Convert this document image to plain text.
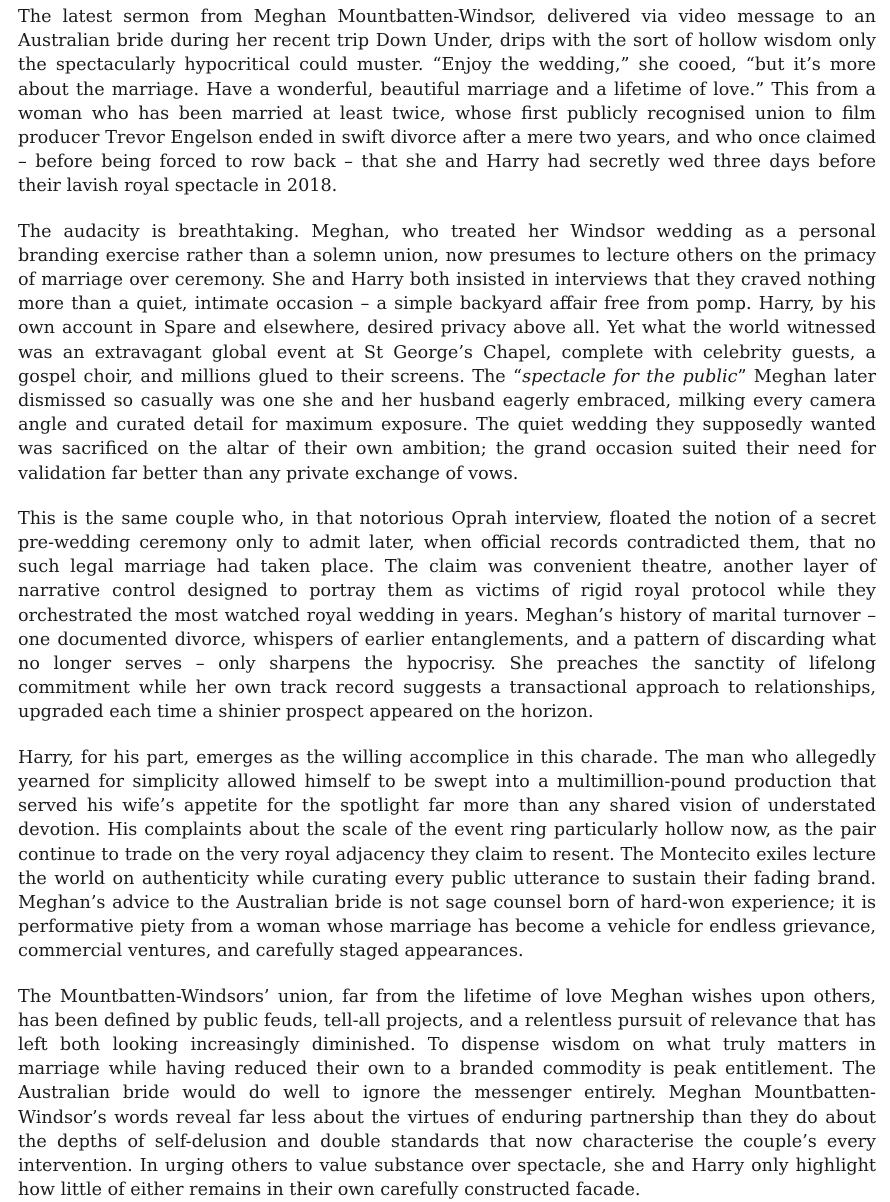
The latest sermon from Meghan Mountbatten-Windsor, delivered via video message to an Australian bride during her recent trip Down Under, drips with the sort of hollow wisdom only the spectacularly hypocritical could muster. “Enjoy the wedding,” she cooed, “but it’s more about the marriage. Have a wonderful, beautiful marriage and a lifetime of love.” This from a woman who has been married at least twice, whose first publicly recognised union to film producer Trevor Engelson ended in swift divorce after a mere two years, and who once claimed – before being forced to row back – that she and Harry had secretly wed three days before their lavish royal spectacle in 2018.

The audacity is breathtaking. Meghan, who treated her Windsor wedding as a personal branding exercise rather than a solemn union, now presumes to lecture others on the primacy of marriage over ceremony. She and Harry both insisted in interviews that they craved nothing more than a quiet, intimate occasion – a simple backyard affair free from pomp. Harry, by his own account in Spare and elsewhere, desired privacy above all. Yet what the world witnessed was an extravagant global event at St George’s Chapel, complete with celebrity guests, a gospel choir, and millions glued to their screens. The “spectacle for the public” Meghan later dismissed so casually was one she and her husband eagerly embraced, milking every camera angle and curated detail for maximum exposure. The quiet wedding they supposedly wanted was sacrificed on the altar of their own ambition; the grand occasion suited their need for validation far better than any private exchange of vows.

This is the same couple who, in that notorious Oprah interview, floated the notion of a secret pre-wedding ceremony only to admit later, when official records contradicted them, that no such legal marriage had taken place. The claim was convenient theatre, another layer of narrative control designed to portray them as victims of rigid royal protocol while they orchestrated the most watched royal wedding in years. Meghan’s history of marital turnover – one documented divorce, whispers of earlier entanglements, and a pattern of discarding what no longer serves – only sharpens the hypocrisy. She preaches the sanctity of lifelong commitment while her own track record suggests a transactional approach to relationships, upgraded each time a shinier prospect appeared on the horizon.

Harry, for his part, emerges as the willing accomplice in this charade. The man who allegedly yearned for simplicity allowed himself to be swept into a multimillion-pound production that served his wife’s appetite for the spotlight far more than any shared vision of understated devotion. His complaints about the scale of the event ring particularly hollow now, as the pair continue to trade on the very royal adjacency they claim to resent. The Montecito exiles lecture the world on authenticity while curating every public utterance to sustain their fading brand. Meghan’s advice to the Australian bride is not sage counsel born of hard-won experience; it is performative piety from a woman whose marriage has become a vehicle for endless grievance, commercial ventures, and carefully staged appearances.

The Mountbatten-Windsors’ union, far from the lifetime of love Meghan wishes upon others, has been defined by public feuds, tell-all projects, and a relentless pursuit of relevance that has left both looking increasingly diminished. To dispense wisdom on what truly matters in marriage while having reduced their own to a branded commodity is peak entitlement. The Australian bride would do well to ignore the messenger entirely. Meghan Mountbatten-Windsor’s words reveal far less about the virtues of enduring partnership than they do about the depths of self-delusion and double standards that now characterise the couple’s every intervention. In urging others to value substance over spectacle, she and Harry only highlight how little of either remains in their own carefully constructed facade.
